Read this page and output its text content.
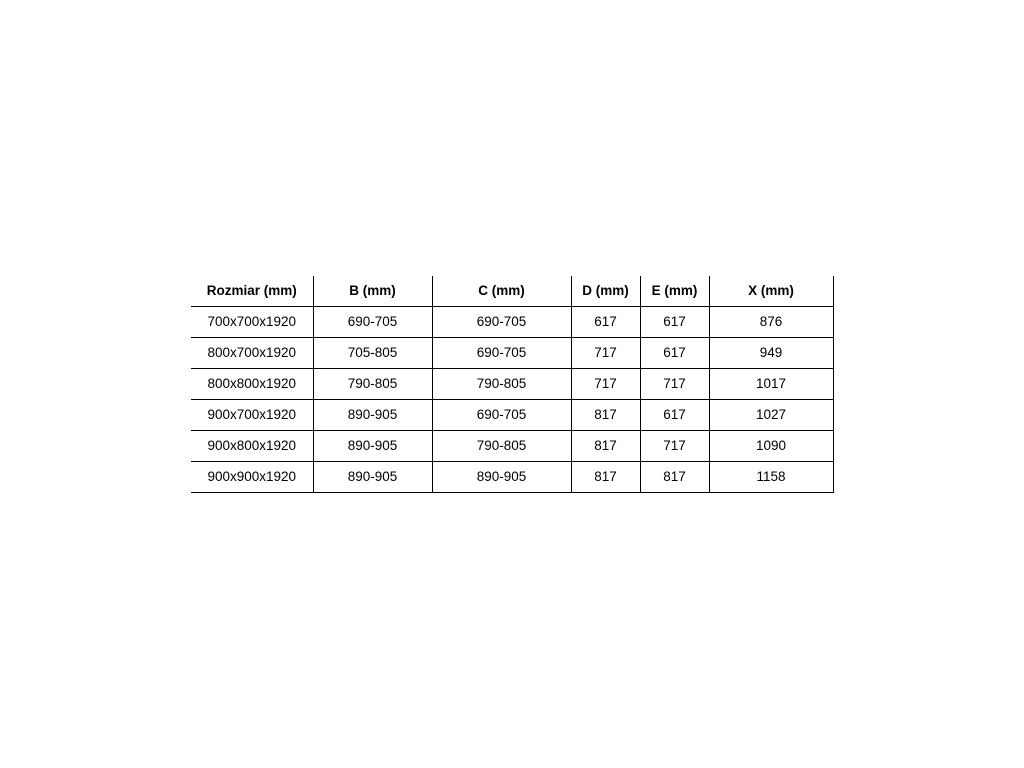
Rozmiar (mm)	B (mm)	C (mm)	D (mm)	E (mm)	X (mm)
700x700x1920	690-705	690-705	617	617	876
800x700x1920	705-805	690-705	717	617	949
800x800x1920	790-805	790-805	717	717	1017
900x700x1920	890-905	690-705	817	617	1027
900x800x1920	890-905	790-805	817	717	1090
900x900x1920	890-905	890-905	817	817	1158
